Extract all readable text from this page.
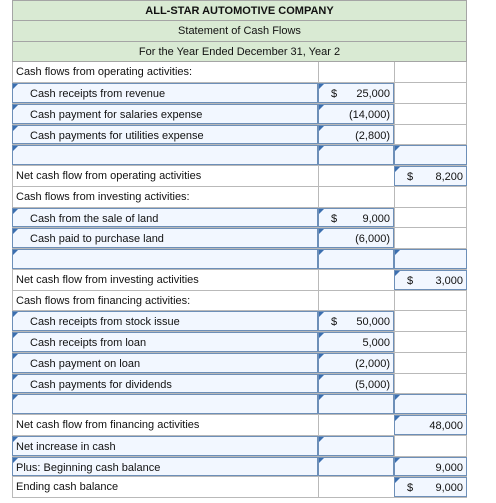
ALL-STAR AUTOMOTIVE COMPANY
Statement of Cash Flows
For the Year Ended December 31, Year 2
Cash flows from operating activities:
Cash receipts from revenue	$ 25,000
Cash payment for salaries expense	(14,000)
Cash payments for utilities expense	(2,800)
Net cash flow from operating activities	$ 8,200
Cash flows from investing activities:
Cash from the sale of land	$ 9,000
Cash paid to purchase land	(6,000)
Net cash flow from investing activities	$ 3,000
Cash flows from financing activities:
Cash receipts from stock issue	$ 50,000
Cash receipts from loan	5,000
Cash payment on loan	(2,000)
Cash payments for dividends	(5,000)
Net cash flow from financing activities	48,000
Net increase in cash
Plus: Beginning cash balance	9,000
Ending cash balance	$ 9,000
